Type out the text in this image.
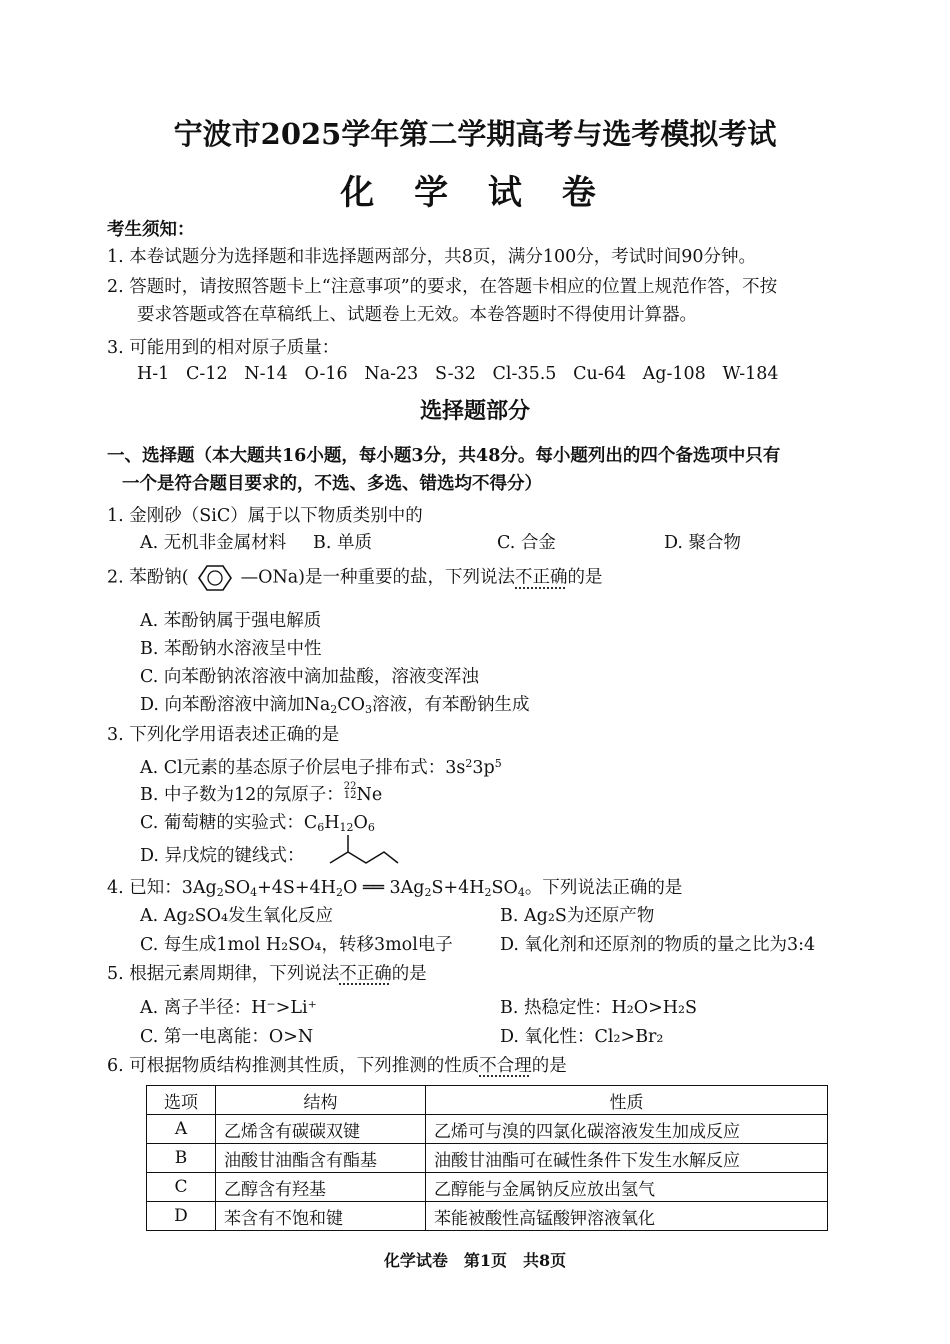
宁波市2025学年第二学期高考与选考模拟考试
化 学 试 卷
考生须知：
1. 本卷试题分为选择题和非选择题两部分，共8页，满分100分，考试时间90分钟。
2. 答题时，请按照答题卡上“注意事项”的要求，在答题卡相应的位置上规范作答，不按
要求答题或答在草稿纸上、试题卷上无效。本卷答题时不得使用计算器。
3. 可能用到的相对原子质量：
H-1 C-12 N-14 O-16 Na-23 S-32 Cl-35.5 Cu-64 Ag-108 W-184
选择题部分
一、选择题（本大题共16小题，每小题3分，共48分。每小题列出的四个备选项中只有
一个是符合题目要求的，不选、多选、错选均不得分）
1. 金刚砂（SiC）属于以下物质类别中的
A. 无机非金属材料 B. 单质	C. 合金	D. 聚合物
2. 苯酚钠(	—ONa)是一种重要的盐，下列说法不正确的是
A. 苯酚钠属于强电解质
B. 苯酚钠水溶液呈中性
C. 向苯酚钠浓溶液中滴加盐酸，溶液变浑浊
D. 向苯酚溶液中滴加$Na_2CO_3$溶液，有苯酚钠生成
3. 下列化学用语表述正确的是
A. Cl元素的基态原子价层电子排布式：$3s^23p^5$
B. 中子数为12的氖原子：22
12Ne
C. 葡萄糖的实验式：$C_6H_{12}O_6$
D. 异戊烷的键线式：
4. 已知：$3Ag_2SO_4+4S+4H_2O$ ══ $3Ag_2S+4H_2SO_4$。下列说法正确的是
A. Ag₂SO₄发生氧化反应	B. Ag₂S为还原产物
C. 每生成1mol H₂SO₄，转移3mol电子	D. 氧化剂和还原剂的物质的量之比为3:4
5. 根据元素周期律，下列说法不正确的是
A. 离子半径：H⁻>Li⁺	B. 热稳定性：H₂O>H₂S
C. 第一电离能：O>N	D. 氧化性：Cl₂>Br₂
6. 可根据物质结构推测其性质，下列推测的性质不合理的是
选项	结构	性质
A	乙烯含有碳碳双键	乙烯可与溴的四氯化碳溶液发生加成反应
B	油酸甘油酯含有酯基	油酸甘油酯可在碱性条件下发生水解反应
C	乙醇含有羟基	乙醇能与金属钠反应放出氢气
D	苯含有不饱和键	苯能被酸性高锰酸钾溶液氧化
化学试卷　第1页　共8页
